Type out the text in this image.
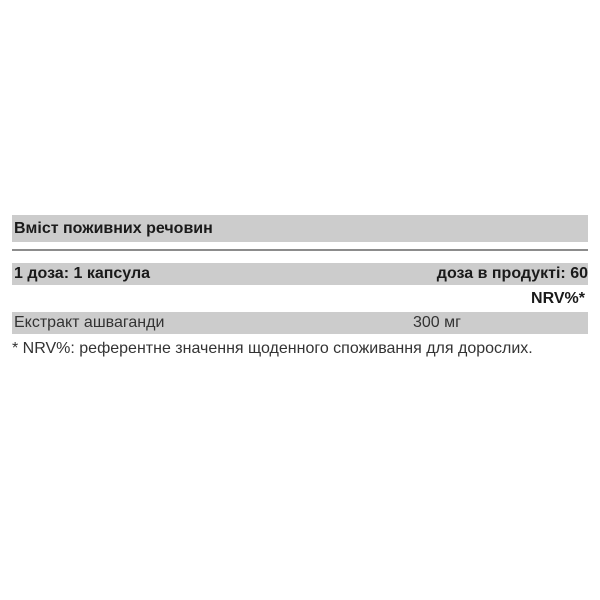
Вміст поживних речовин
1 доза: 1 капсула	доза в продукті: 60
NRV%*
Екстракт ашваганди	300 мг
* NRV%: референтне значення щоденного споживання для дорослих.
